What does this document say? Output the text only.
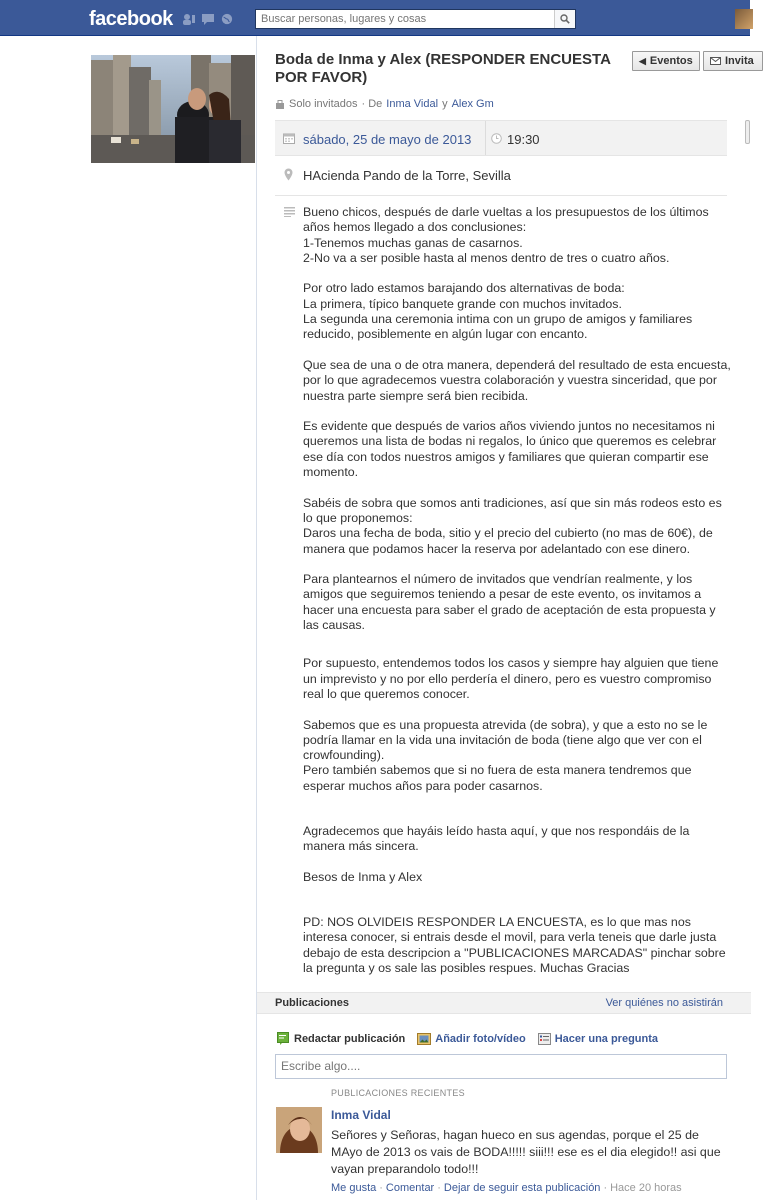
facebook
Buscar personas, lugares y cosas
Boda de Inma y Alex (RESPONDER ENCUESTA POR FAVOR)
◀ Eventos	Invita
Solo invitados · De Inma Vidal y Alex Gm
sábado, 25 de mayo de 2013	19:30
HAcienda Pando de la Torre, Sevilla

Bueno chicos, después de darle vueltas a los presupuestos de los últimos años hemos llegado a dos conclusiones:
1-Tenemos muchas ganas de casarnos.
2-No va a ser posible hasta al menos dentro de tres o cuatro años.

Por otro lado estamos barajando dos alternativas de boda:
La primera, típico banquete grande con muchos invitados.
La segunda una ceremonia intima con un grupo de amigos y familiares reducido, posiblemente en algún lugar con encanto.

Que sea de una o de otra manera, dependerá del resultado de esta encuesta, por lo que agradecemos vuestra colaboración y vuestra sinceridad, que por nuestra parte siempre será bien recibida.

Es evidente que después de varios años viviendo juntos no necesitamos ni queremos una lista de bodas ni regalos, lo único que queremos es celebrar ese día con todos nuestros amigos y familiares que quieran compartir ese momento.

Sabéis de sobra que somos anti tradiciones, así que sin más rodeos esto es lo que proponemos:
Daros una fecha de boda, sitio y el precio del cubierto (no mas de 60€), de manera que podamos hacer la reserva por adelantado con ese dinero.

Para plantearnos el número de invitados que vendrían realmente, y los amigos que seguiremos teniendo a pesar de este evento, os invitamos a hacer una encuesta para saber el grado de aceptación de esta propuesta y las causas.

Por supuesto, entendemos todos los casos y siempre hay alguien que tiene un imprevisto y no por ello perdería el dinero, pero es vuestro compromiso real lo que queremos conocer.

Sabemos que es una propuesta atrevida (de sobra), y que a esto no se le podría llamar en la vida una invitación de boda (tiene algo que ver con el crowfounding).
Pero también sabemos que si no fuera de esta manera tendremos que esperar muchos años para poder casarnos.

Agradecemos que hayáis leído hasta aquí, y que nos respondáis de la manera más sincera.

Besos de Inma y Alex

PD: NOS OLVIDEIS RESPONDER LA ENCUESTA, es lo que mas nos interesa conocer, si entrais desde el movil, para verla teneis que darle justa debajo de esta descripcion a "PUBLICACIONES MARCADAS" pinchar sobre la pregunta y os sale las posibles respues. Muchas Gracias

Publicaciones	Ver quiénes no asistirán
Redactar publicación	Añadir foto/vídeo	Hacer una pregunta
Escribe algo....
PUBLICACIONES RECIENTES
Inma Vidal
Señores y Señoras, hagan hueco en sus agendas, porque el 25 de MAyo de 2013 os vais de BODA!!!!! siii!!! ese es el dia elegido!! asi que vayan preparandolo todo!!!
Me gusta · Comentar · Dejar de seguir esta publicación · Hace 20 horas
